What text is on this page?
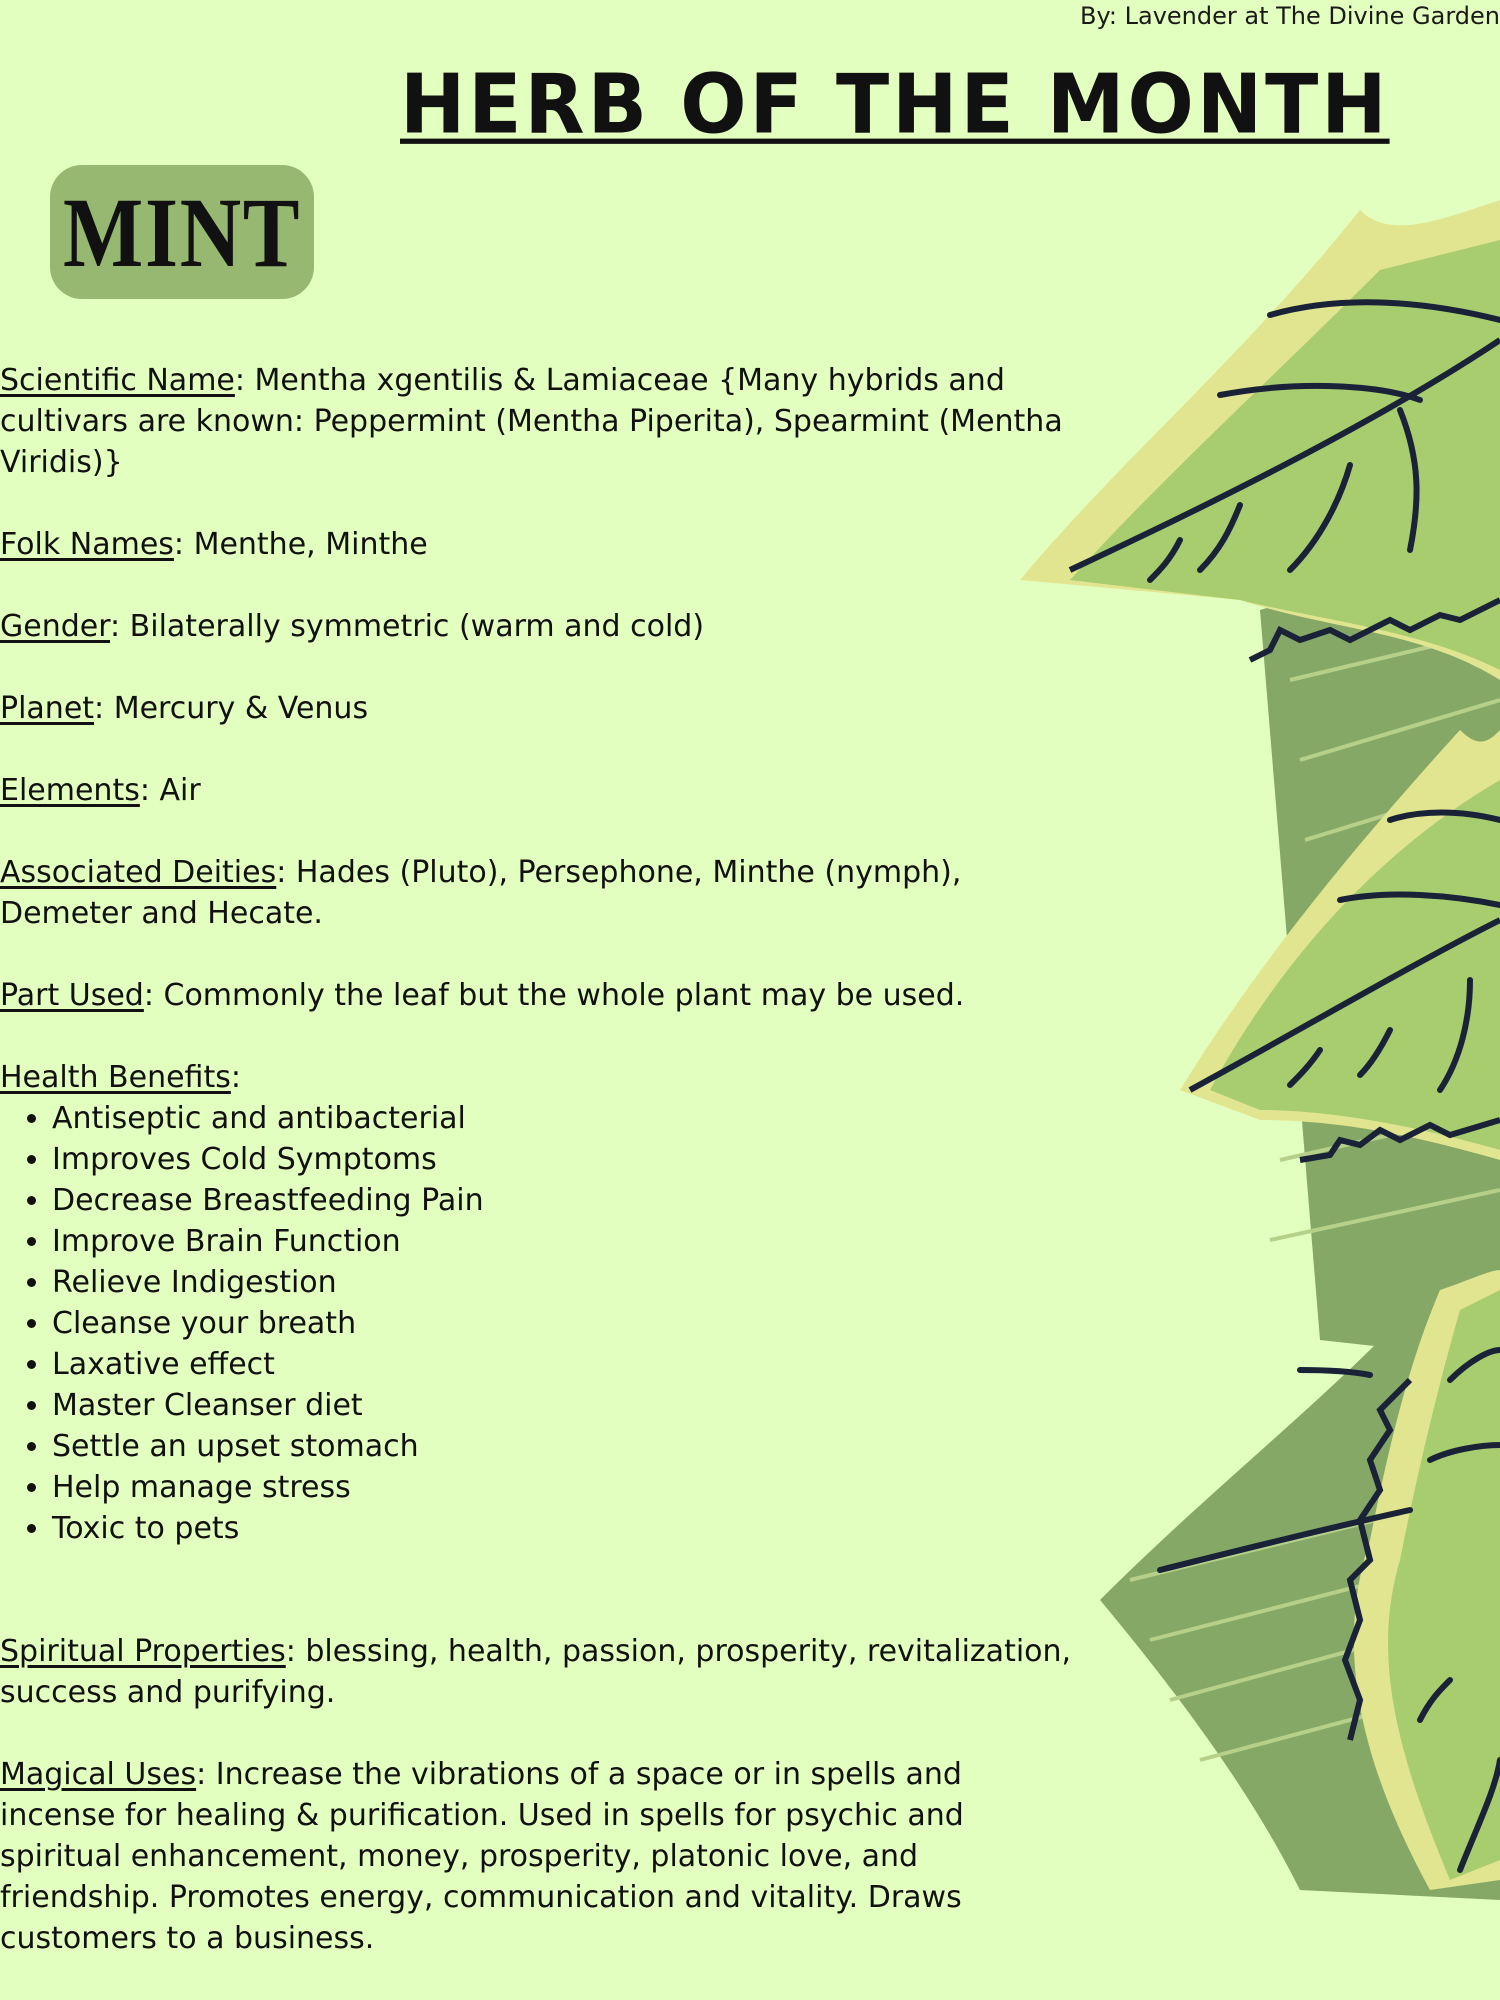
By: Lavender at The Divine Garden
HERB OF THE MONTH
MINT

Scientific Name: Mentha xgentilis & Lamiaceae {Many hybrids and cultivars are known: Peppermint (Mentha Piperita), Spearmint (Mentha Viridis)}

Folk Names: Menthe, Minthe

Gender: Bilaterally symmetric (warm and cold)

Planet: Mercury & Venus

Elements: Air

Associated Deities: Hades (Pluto), Persephone, Minthe (nymph), Demeter and Hecate.

Part Used: Commonly the leaf but the whole plant may be used.

Health Benefits:
• Antiseptic and antibacterial
• Improves Cold Symptoms
• Decrease Breastfeeding Pain
• Improve Brain Function
• Relieve Indigestion
• Cleanse your breath
• Laxative effect
• Master Cleanser diet
• Settle an upset stomach
• Help manage stress
• Toxic to pets

Spiritual Properties: blessing, health, passion, prosperity, revitalization, success and purifying.

Magical Uses: Increase the vibrations of a space or in spells and incense for healing & purification. Used in spells for psychic and spiritual enhancement, money, prosperity, platonic love, and friendship. Promotes energy, communication and vitality. Draws customers to a business.
